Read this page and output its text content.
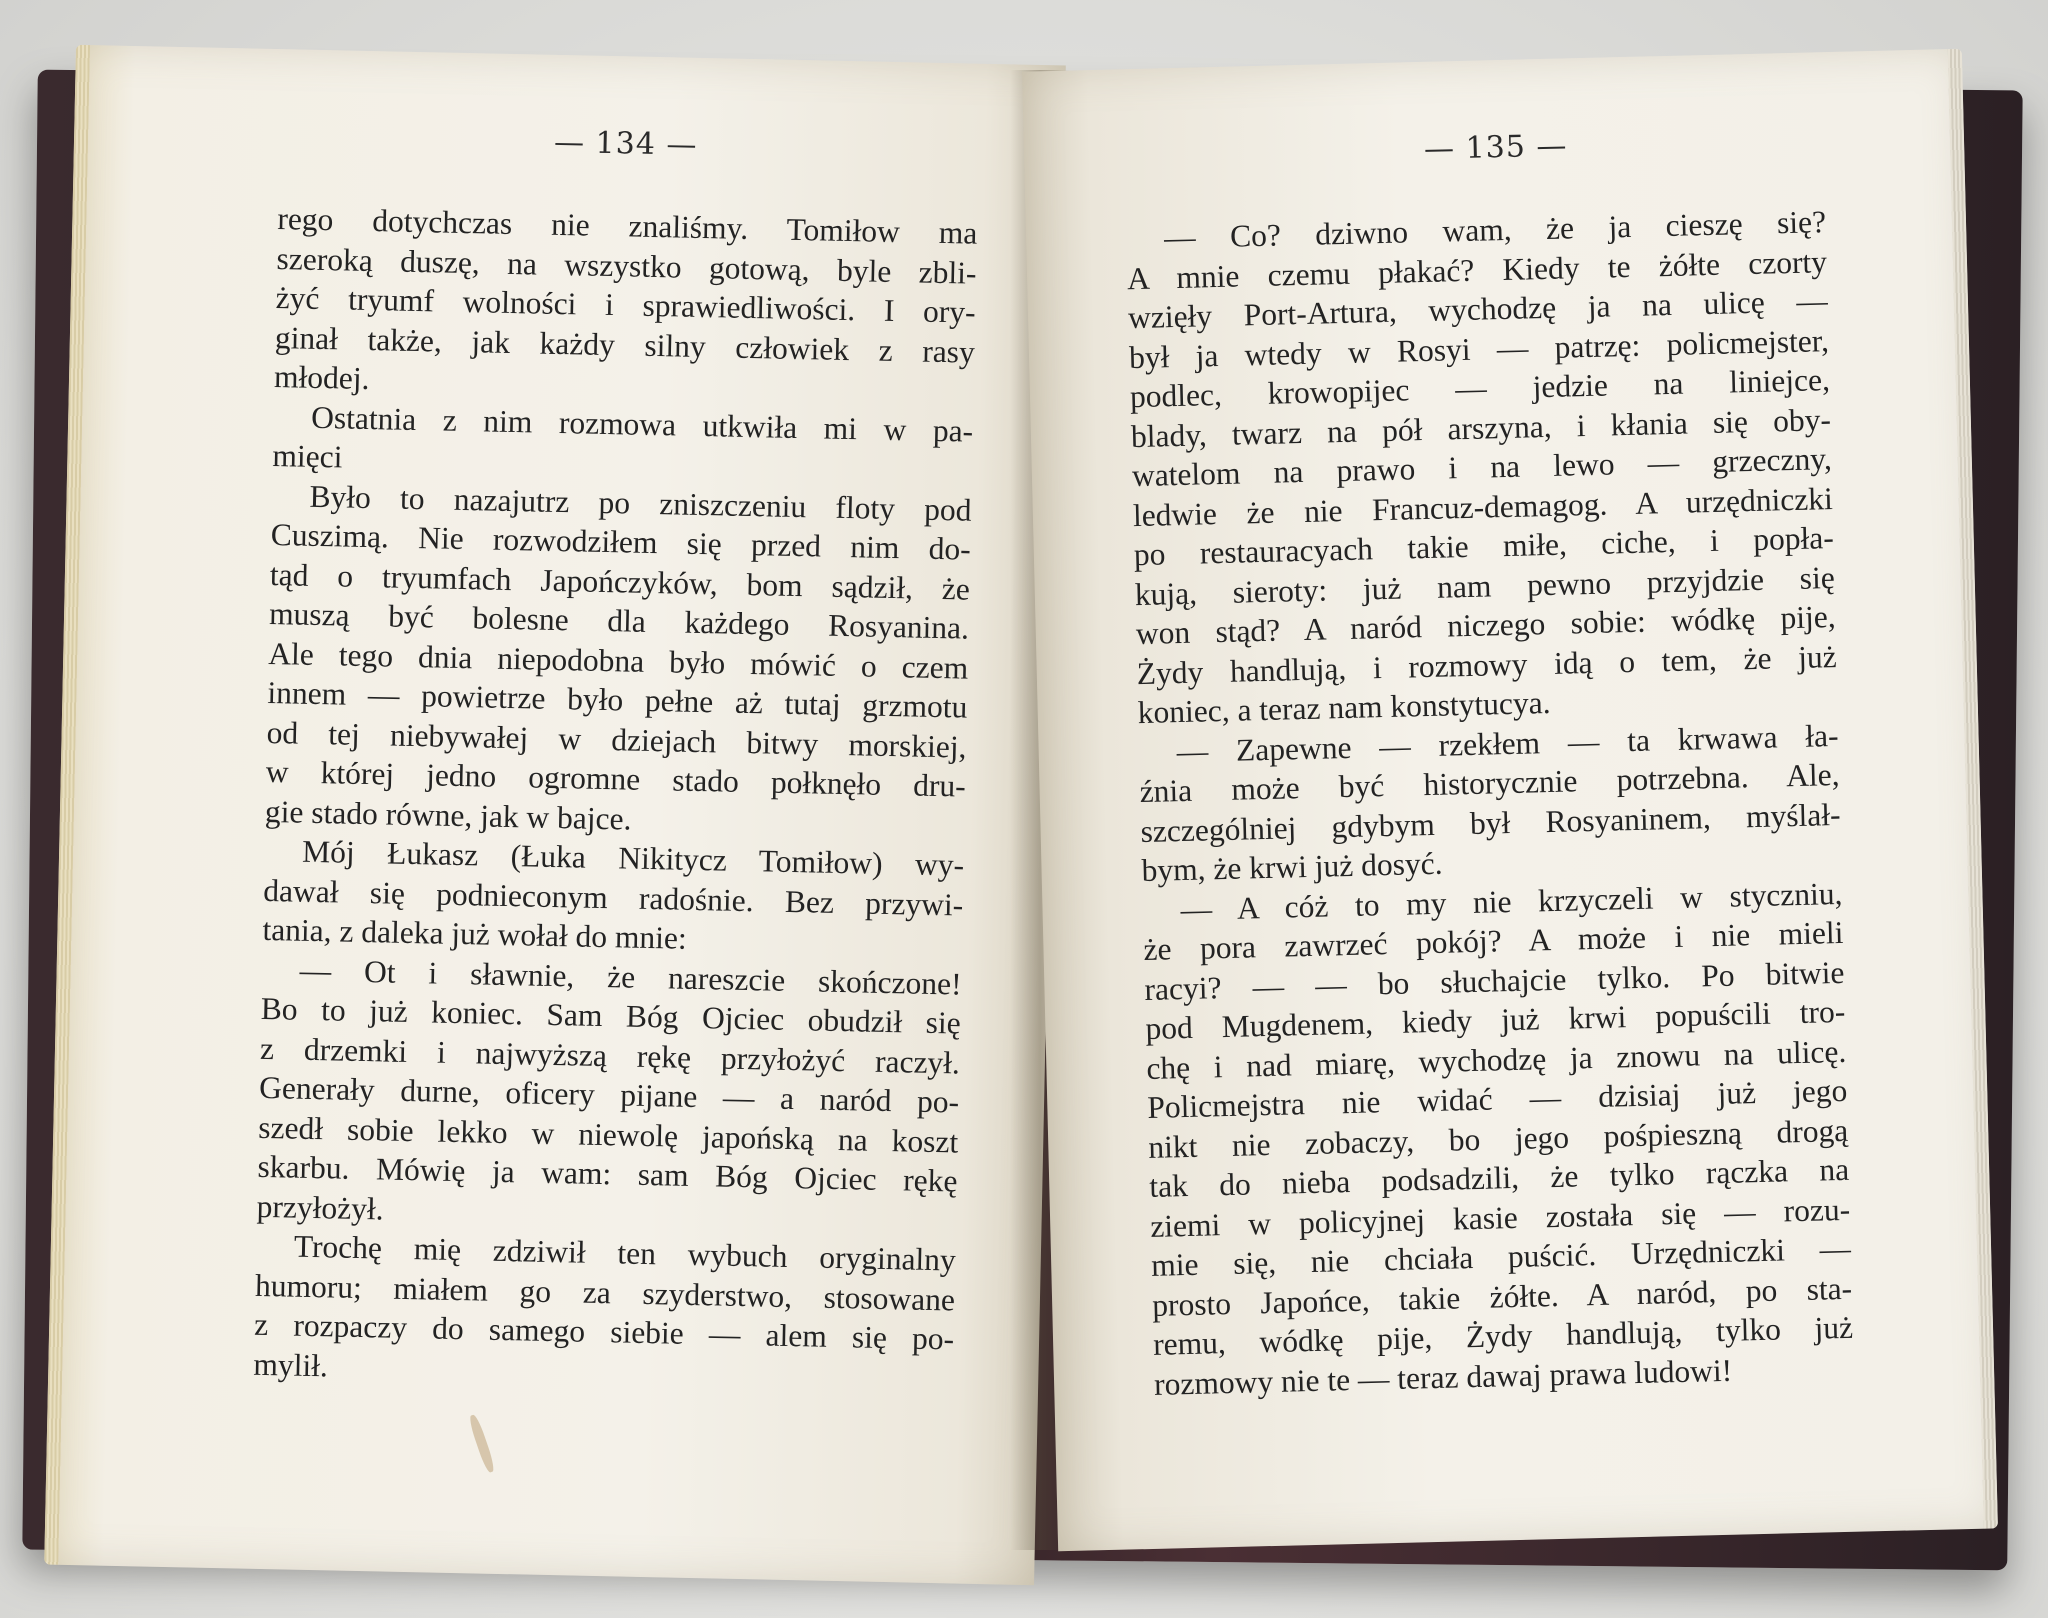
— 134 —
rego dotychczas nie znaliśmy. Tomiłow ma
szeroką duszę, na wszystko gotową, byle zbli-
żyć tryumf wolności i sprawiedliwości. I ory-
ginał także, jak każdy silny człowiek z rasy
młodej.
Ostatnia z nim rozmowa utkwiła mi w pa-
mięci
Było to nazajutrz po zniszczeniu floty pod
Cuszimą. Nie rozwodziłem się przed nim do-
tąd o tryumfach Japończyków, bom sądził, że
muszą być bolesne dla każdego Rosyanina.
Ale tego dnia niepodobna było mówić o czem
innem — powietrze było pełne aż tutaj grzmotu
od tej niebywałej w dziejach bitwy morskiej,
w której jedno ogromne stado połknęło dru-
gie stado równe, jak w bajce.
Mój Łukasz (Łuka Nikitycz Tomiłow) wy-
dawał się podnieconym radośnie. Bez przywi-
tania, z daleka już wołał do mnie:
— Ot i sławnie, że nareszcie skończone!
Bo to już koniec. Sam Bóg Ojciec obudził się
z drzemki i najwyższą rękę przyłożyć raczył.
Generały durne, oficery pijane — a naród po-
szedł sobie lekko w niewolę japońską na koszt
skarbu. Mówię ja wam: sam Bóg Ojciec rękę
przyłożył.
Trochę mię zdziwił ten wybuch oryginalny
humoru; miałem go za szyderstwo, stosowane
z rozpaczy do samego siebie — alem się po-
mylił.
— 135 —
— Co? dziwno wam, że ja cieszę się?
A mnie czemu płakać? Kiedy te żółte czorty
wzięły Port-Artura, wychodzę ja na ulicę —
był ja wtedy w Rosyi — patrzę: policmejster,
podlec, krowopijec — jedzie na liniejce,
blady, twarz na pół arszyna, i kłania się oby-
watelom na prawo i na lewo — grzeczny,
ledwie że nie Francuz-demagog. A urzędniczki
po restauracyach takie miłe, ciche, i popła-
kują, sieroty: już nam pewno przyjdzie się
won stąd? A naród niczego sobie: wódkę pije,
Żydy handlują, i rozmowy idą o tem, że już
koniec, a teraz nam konstytucya.
— Zapewne — rzekłem — ta krwawa ła-
źnia może być historycznie potrzebna. Ale,
szczególniej gdybym był Rosyaninem, myślał-
bym, że krwi już dosyć.
— A cóż to my nie krzyczeli w styczniu,
że pora zawrzeć pokój? A może i nie mieli
racyi? — — bo słuchajcie tylko. Po bitwie
pod Mugdenem, kiedy już krwi popuścili tro-
chę i nad miarę, wychodzę ja znowu na ulicę.
Policmejstra nie widać — dzisiaj już jego
nikt nie zobaczy, bo jego pośpieszną drogą
tak do nieba podsadzili, że tylko rączka na
ziemi w policyjnej kasie została się — rozu-
mie się, nie chciała puścić. Urzędniczki —
prosto Japońce, takie żółte. A naród, po sta-
remu, wódkę pije, Żydy handlują, tylko już
rozmowy nie te — teraz dawaj prawa ludowi!
